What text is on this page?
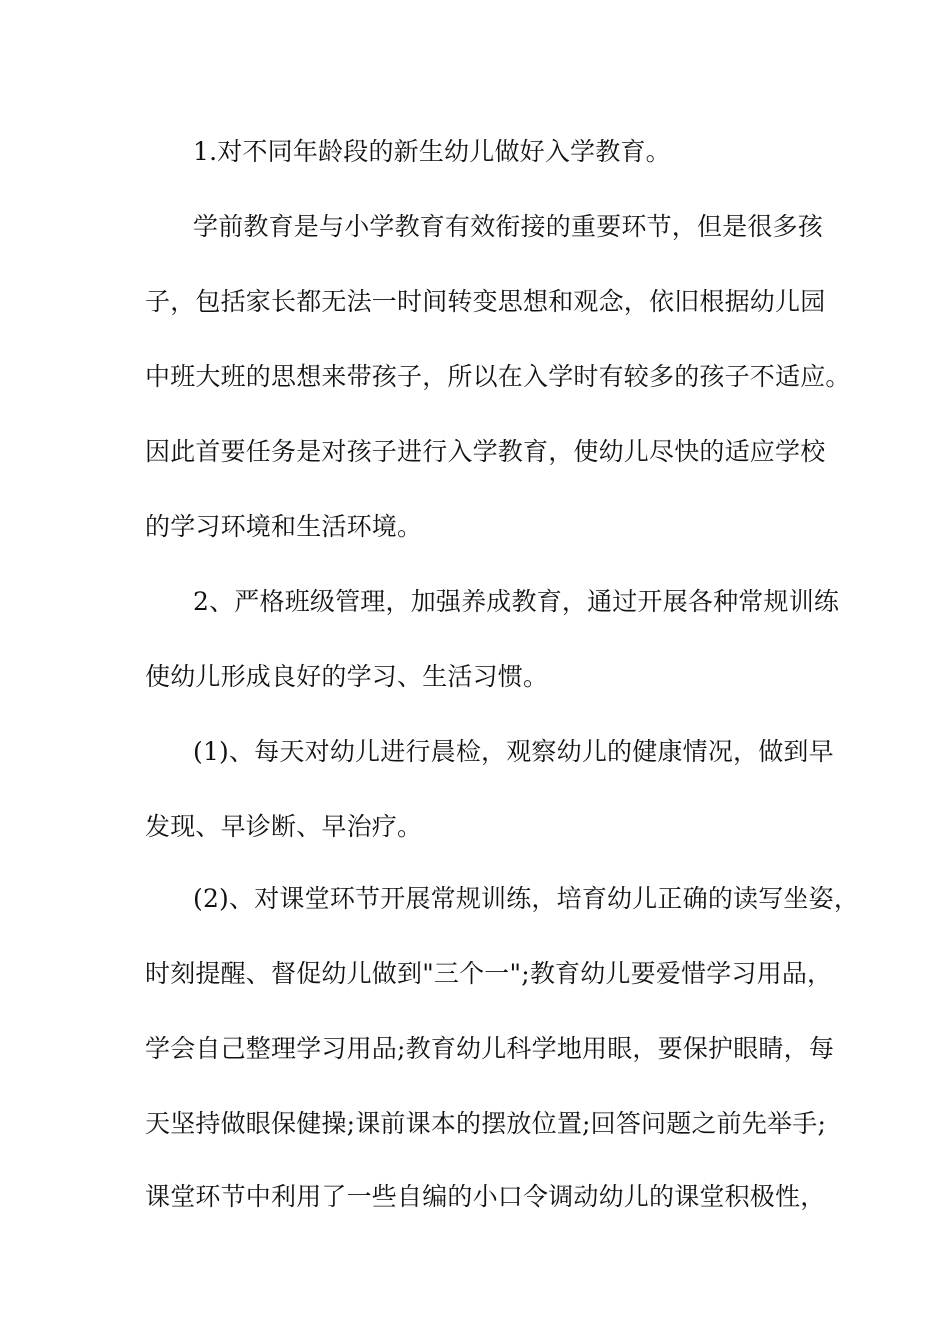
1.对不同年龄段的新生幼儿做好入学教育。
学前教育是与小学教育有效衔接的重要环节，但是很多孩
子，包括家长都无法一时间转变思想和观念，依旧根据幼儿园
中班大班的思想来带孩子，所以在入学时有较多的孩子不适应。
因此首要任务是对孩子进行入学教育，使幼儿尽快的适应学校
的学习环境和生活环境。
2、严格班级管理，加强养成教育，通过开展各种常规训练
使幼儿形成良好的学习、生活习惯。
(1)、每天对幼儿进行晨检，观察幼儿的健康情况，做到早
发现、早诊断、早治疗。
(2)、对课堂环节开展常规训练，培育幼儿正确的读写坐姿，
时刻提醒、督促幼儿做到"三个一";教育幼儿要爱惜学习用品，
学会自己整理学习用品;教育幼儿科学地用眼，要保护眼睛，每
天坚持做眼保健操;课前课本的摆放位置;回答问题之前先举手;
课堂环节中利用了一些自编的小口令调动幼儿的课堂积极性，
